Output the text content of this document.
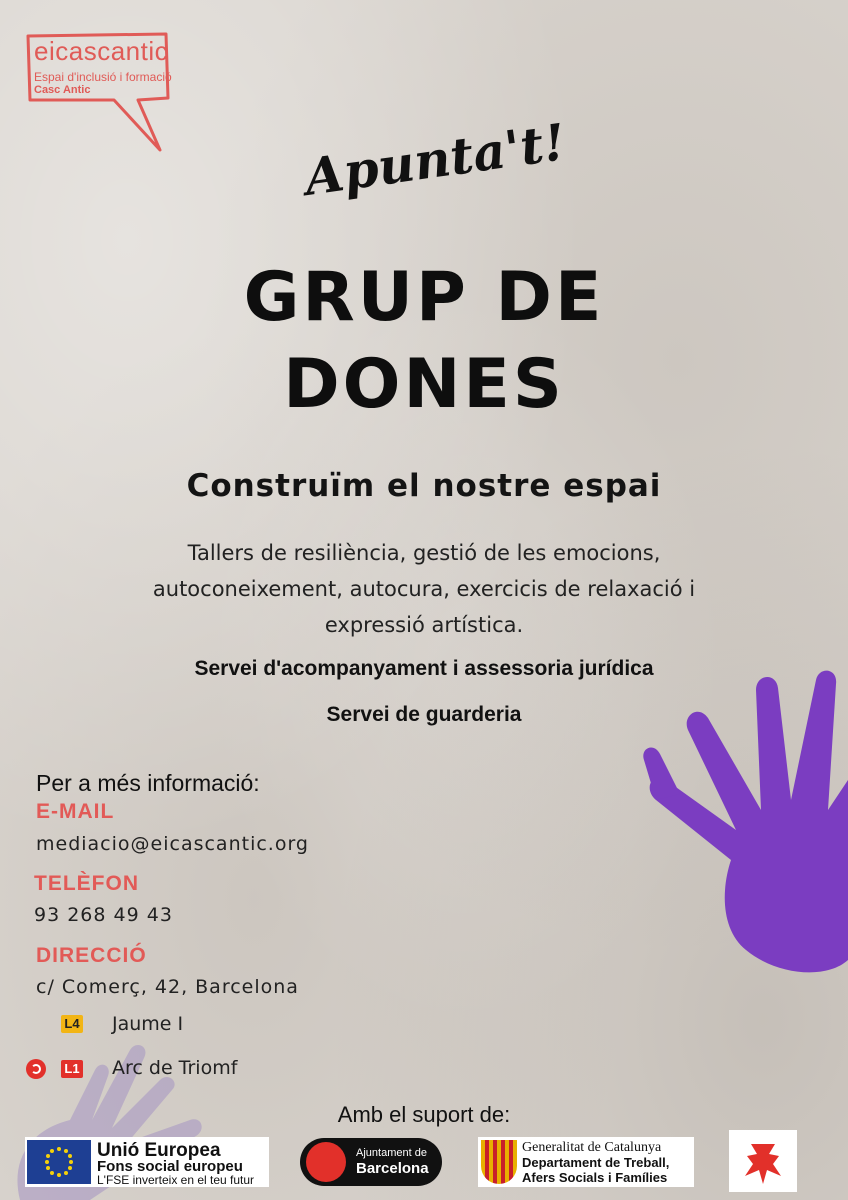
eicascantic
Espai d'inclusió i formació
Casc Antic
Apunta't!
GRUP DE
DONES
Construïm el nostre espai
Tallers de resiliència, gestió de les emocions, autoconeixement, autocura, exercicis de relaxació i expressió artística.
Servei d'acompanyament i assessoria jurídica
Servei de guarderia
Per a més informació:
E-MAIL
mediacio@eicascantic.org
TELÈFON
93 268 49 43
DIRECCIÓ
c/ Comerç, 42, Barcelona
L4 Jaume I
L1 Arc de Triomf
Amb el suport de:
Unió Europea
Fons social europeu
L'FSE inverteix en el teu futur
Ajuntament de
Barcelona
Generalitat de Catalunya
Departament de Treball,
Afers Socials i Famílies
